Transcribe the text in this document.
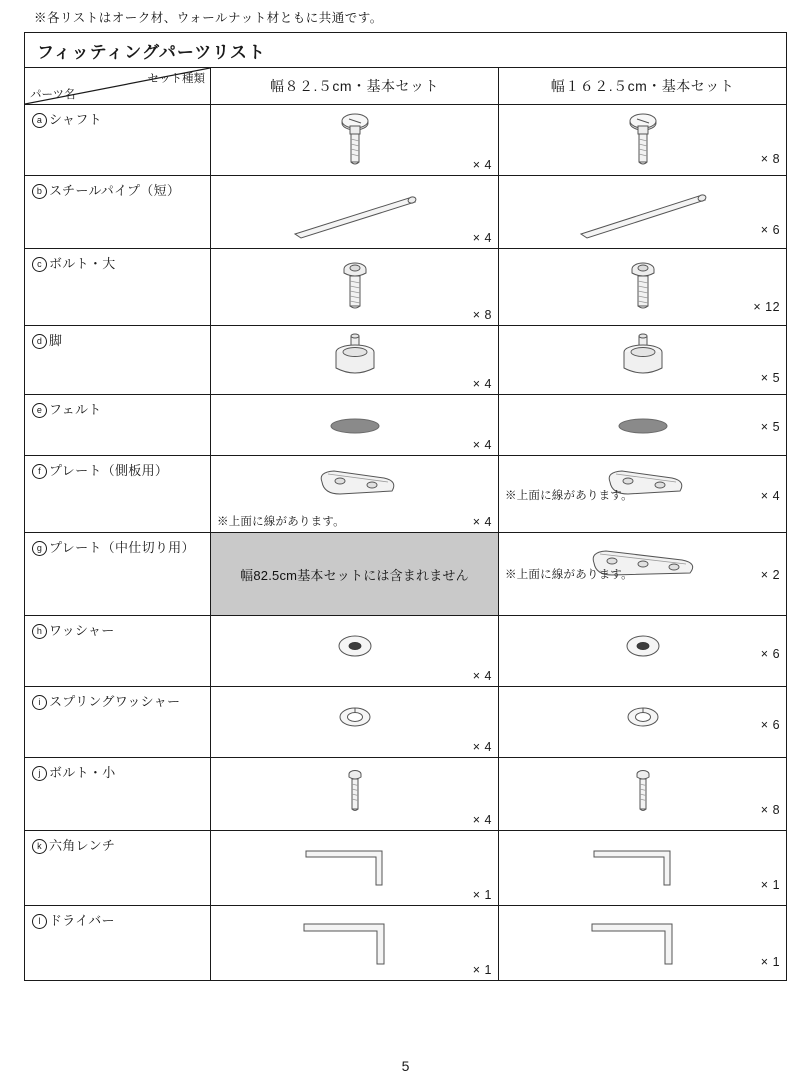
※各リストはオーク材、ウォールナット材ともに共通です。
フィッティングパーツリスト		

セット種類
パーツ名	幅８２.５cm・基本セット	幅１６２.５cm・基本セット
a シャフト	× 4	× 8

b スチールパイプ（短）	× 4	× 6

c ボルト・大	× 8	× 12

d 脚	× 4	× 5

e フェルト	× 4	× 5

f プレート（側板用）	※上面に線があります。 × 4	※上面に線があります。 × 4

g プレート（中仕切り用）	幅82.5cm基本セットには含まれません	※上面に線があります。 × 2

h ワッシャー	× 4	× 6

i スプリングワッシャー	× 4	× 6

j ボルト・小	× 4	× 8

k 六角レンチ	× 1	× 1

l ドライバー	× 1	× 1
5
